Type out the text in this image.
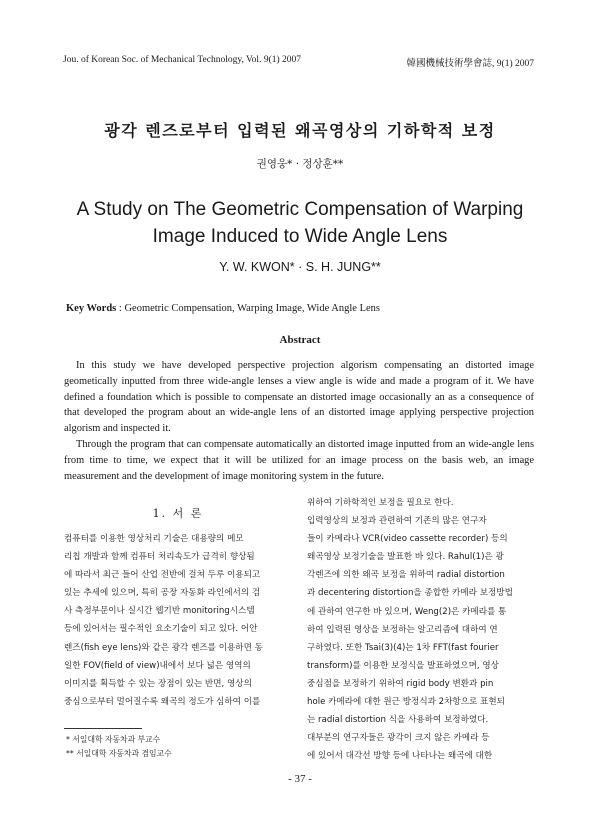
Jou. of Korean Soc. of Mechanical Technology, Vol. 9(1) 2007	韓國機械技術學會誌, 9(1) 2007
광각 렌즈로부터 입력된 왜곡영상의 기하학적 보정
권영웅* · 정상훈**
A Study on The Geometric Compensation of Warping
Image Induced to Wide Angle Lens
Y. W. KWON* · S. H. JUNG**
Key Words : Geometric Compensation, Warping Image, Wide Angle Lens
Abstract

In this study we have developed perspective projection algorism compensating an distorted image geometically inputted from three wide-angle lenses a view angle is wide and made a program of it. We have defined a foundation which is possible to compensate an distorted image occasionally an as a consequence of that developed the program about an wide-angle lens of an distorted image applying perspective projection algorism and inspected it.

Through the program that can compensate automatically an distorted image inputted from an wide-angle lens from time to time, we expect that it will be utilized for an image process on the basis web, an image measurement and the development of image monitoring system in the future.

1. 서 론
컴퓨터를 이용한 영상처리 기술은 대용량의 메모
리칩 개발과 함께 컴퓨터 처리속도가 급격히 향상됨
에 따라서 최근 들어 산업 전반에 걸쳐 두루 이용되고
있는 추세에 있으며, 특히 공장 자동화 라인에서의 검
사 측정부문이나 실시간 웹기반 monitoring시스템
등에 있어서는 필수적인 요소기술이 되고 있다. 어안
렌즈(fish eye lens)와 같은 광각 렌즈를 이용하면 동
일한 FOV(field of view)내에서 보다 넓은 영역의
이미지를 획득할 수 있는 장점이 있는 반면, 영상의
중심으로부터 멀어질수록 왜곡의 정도가 심하여 이를
위하여 기하학적인 보정을 필요로 한다.
입력영상의 보정과 관련하여 기존의 많은 연구자
들이 카메라나 VCR(video cassette recorder) 등의
왜곡영상 보정기술을 발표한 바 있다. Rahul(1)은 광
각렌즈에 의한 왜곡 보정을 위하여 radial distortion
과 decentering distortion을 종합한 카메라 보정방법
에 관하여 연구한 바 있으며, Weng(2)은 카메라를 통
하여 입력된 영상을 보정하는 알고리즘에 대하여 연
구하였다. 또한 Tsai(3)(4)는 1차 FFT(fast fourier
transform)를 이용한 보정식을 발표하였으며, 영상
중심점을 보정하기 위하여 rigid body 변환과 pin
hole 카메라에 대한 원근 방정식과 2차항으로 표현되
는 radial distortion 식을 사용하여 보정하였다.
대부분의 연구자들은 광각이 크지 않은 카메라 등
에 있어서 대각선 방향 등에 나타나는 왜곡에 대한
* 서일대학 자동차과 부교수
** 서일대학 자동차과 겸임교수
- 37 -
